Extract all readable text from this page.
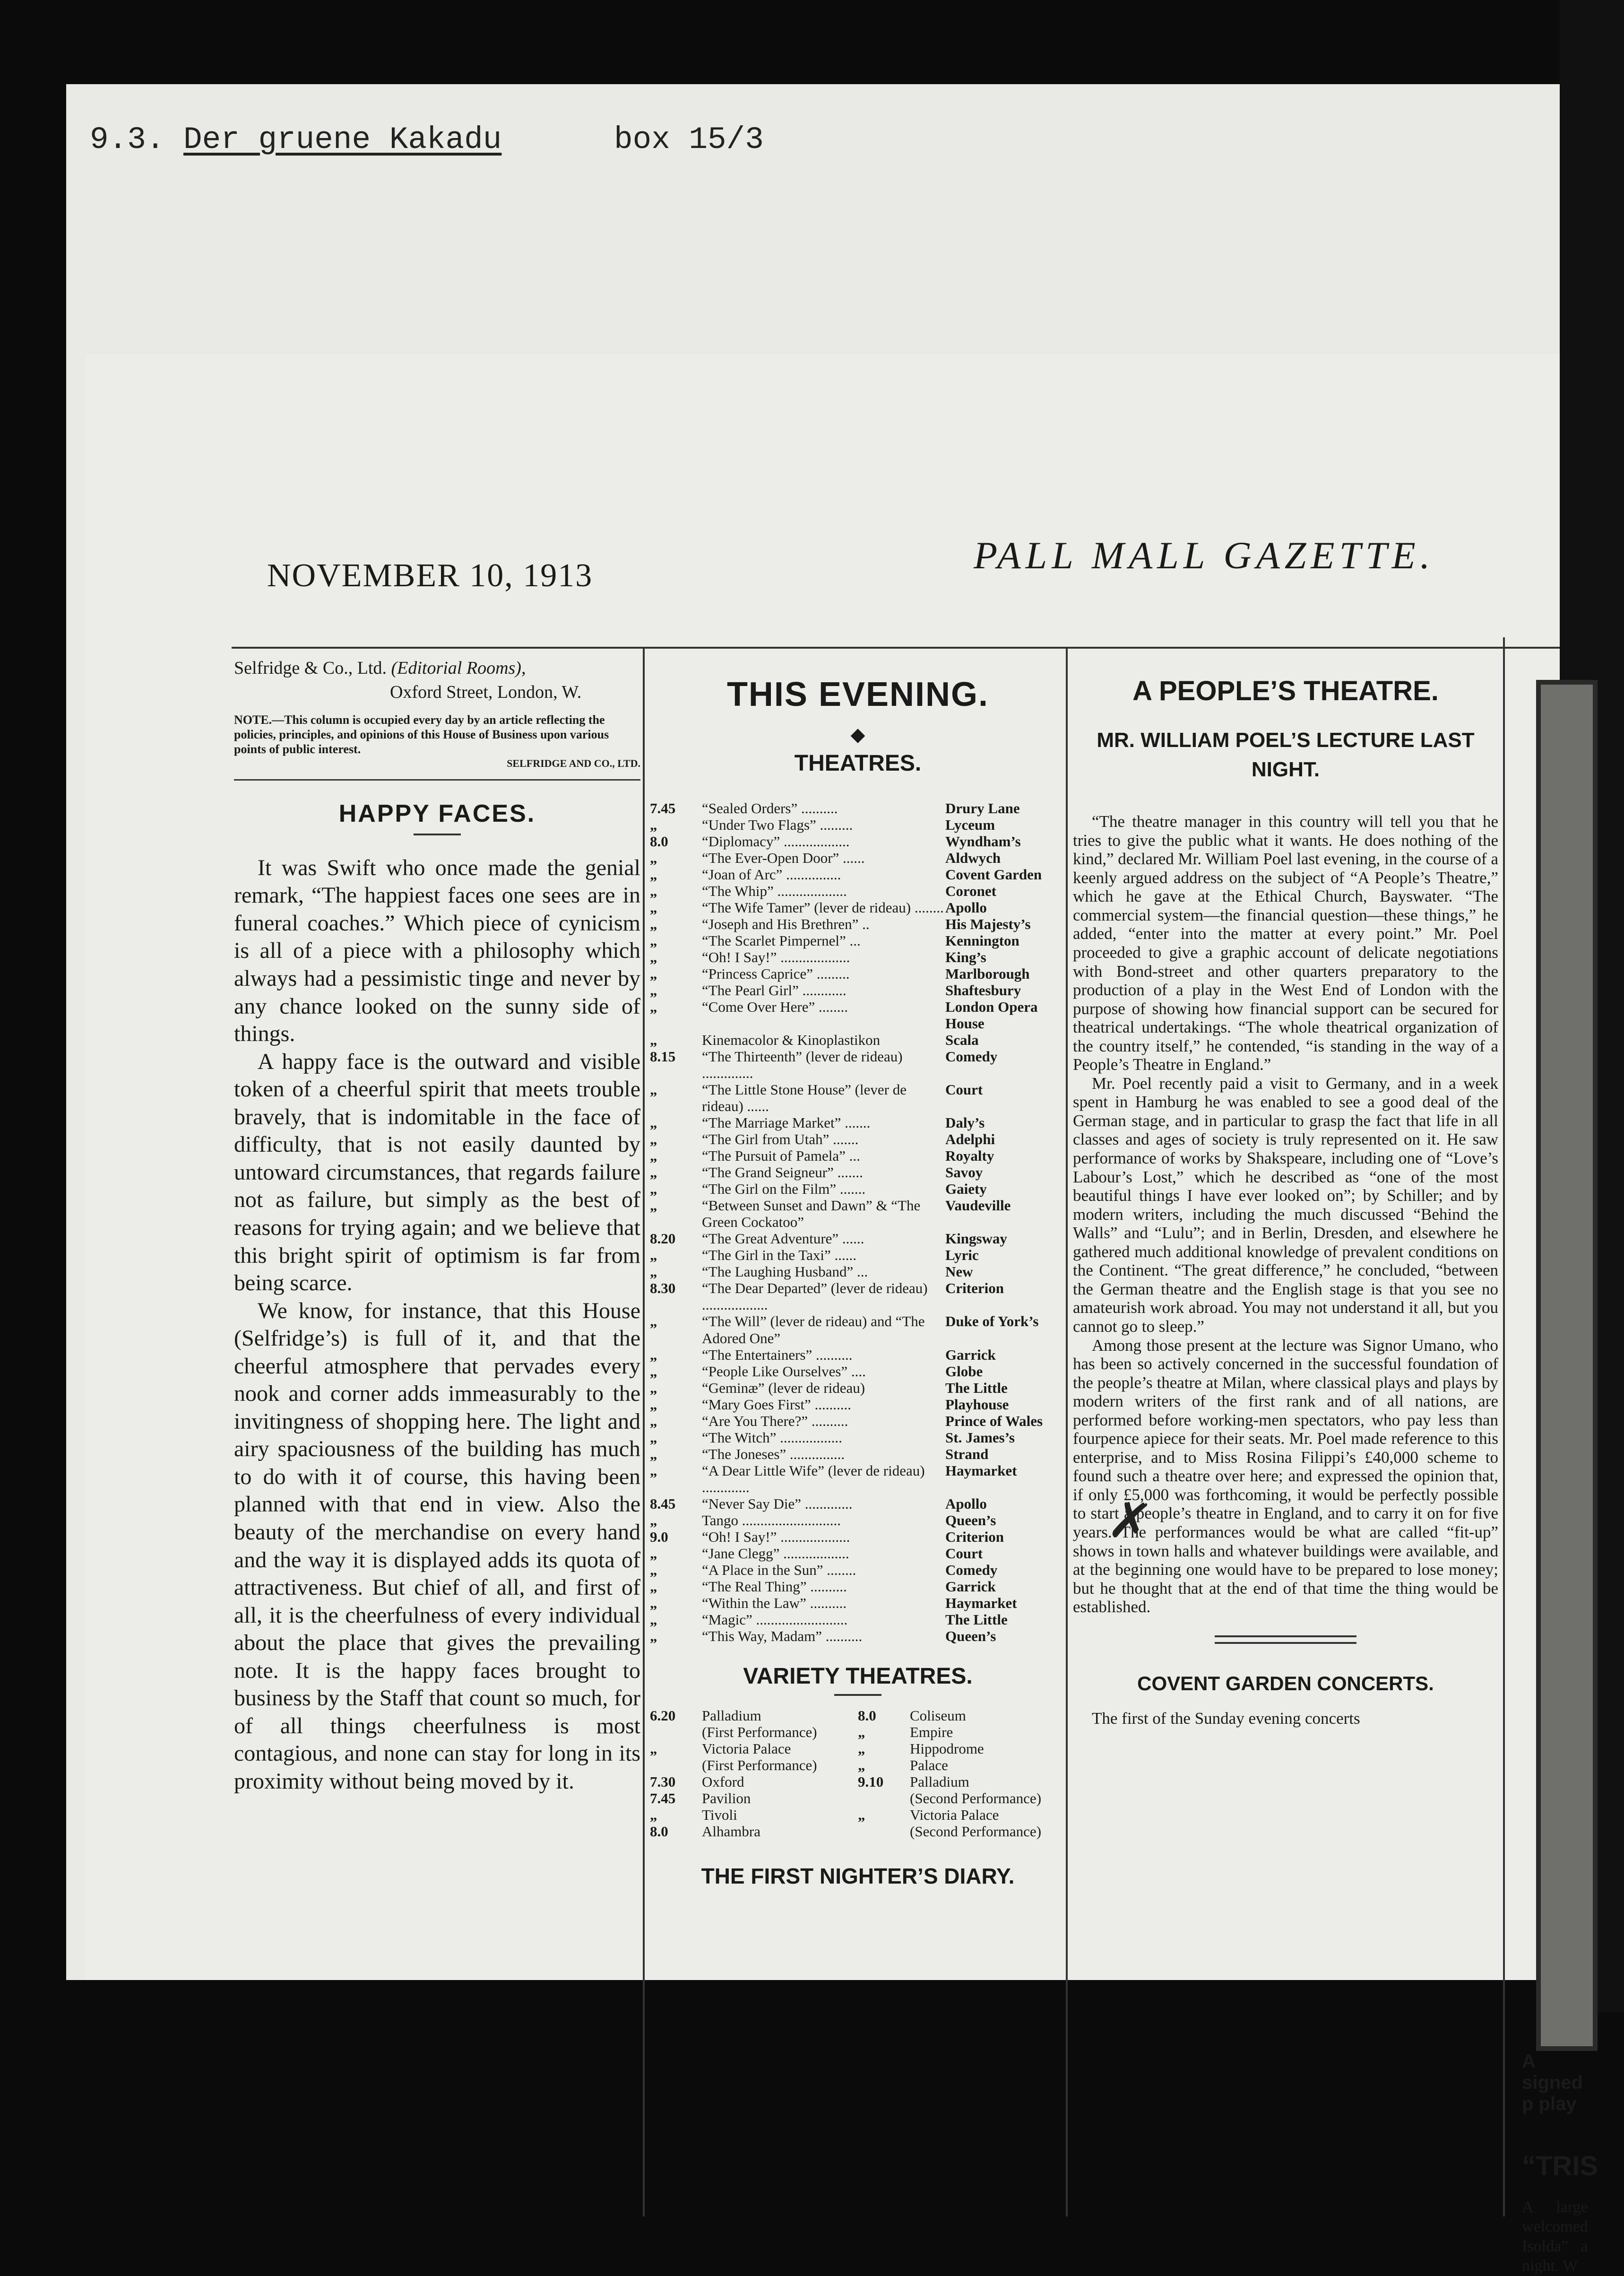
9.3. Der gruene Kakadu	box 15/3
NOVEMBER 10, 1913	PALL MALL GAZETTE.
Selfridge & Co., Ltd. (Editorial Rooms),
Oxford Street, London, W.
NOTE.—This column is occupied every day by an article reflecting the policies, principles, and opinions of this House of Business upon various points of public interest.
SELFRIDGE AND CO., LTD.
HAPPY FACES.

It was Swift who once made the genial remark, “The happiest faces one sees are in funeral coaches.” Which piece of cynicism is all of a piece with a philosophy which always had a pessimistic tinge and never by any chance looked on the sunny side of things.

A happy face is the outward and visible token of a cheerful spirit that meets trouble bravely, that is indomitable in the face of difficulty, that is not easily daunted by untoward circumstances, that regards failure not as failure, but simply as the best of reasons for trying again; and we believe that this bright spirit of optimism is far from being scarce.

We know, for instance, that this House (Selfridge’s) is full of it, and that the cheerful atmosphere that pervades every nook and corner adds immeasurably to the invitingness of shopping here. The light and airy spaciousness of the building has much to do with it of course, this having been planned with that end in view. Also the beauty of the merchandise on every hand and the way it is displayed adds its quota of attractiveness. But chief of all, and first of all, it is the cheerfulness of every individual about the place that gives the prevailing note. It is the happy faces brought to business by the Staff that count so much, for of all things cheerfulness is most contagious, and none can stay for long in its proximity without being moved by it.

THIS EVENING.
◆
THEATRES.
7.45	“Sealed Orders” ..........	Drury Lane
„	“Under Two Flags” .........	Lyceum
8.0	“Diplomacy” ..................	Wyndham’s
„	“The Ever-Open Door” ......	Aldwych
„	“Joan of Arc” ...............	Covent Garden
„	“The Whip” ...................	Coronet
„	“The Wife Tamer” (lever de rideau) ........ Apollo
„	“Joseph and His Brethren” ..	His Majesty’s
„	“The Scarlet Pimpernel” ...	Kennington
„	“Oh! I Say!” ...................	King’s
„	“Princess Caprice” .........	Marlborough
„	“The Pearl Girl” ............	Shaftesbury
„	“Come Over Here” ........	London Opera House
„	Kinemacolor & Kinoplastikon	Scala
8.15	“The Thirteenth” (lever de rideau) ..............
Comedy
„	“The Little Stone House” (lever de rideau) ......
Court
„	“The Marriage Market” .......	Daly’s
„	“The Girl from Utah” .......	Adelphi
„	“The Pursuit of Pamela” ...	Royalty
„	“The Grand Seigneur” .......	Savoy
„	“The Girl on the Film” .......	Gaiety
„	“Between Sunset and Dawn” & “The Green Cockatoo”
Vaudeville
8.20	“The Great Adventure” ......	Kingsway
„	“The Girl in the Taxi” ......	Lyric
„	“The Laughing Husband” ...	New
8.30	“The Dear Departed” (lever de rideau) ..................
Criterion
„	“The Will” (lever de rideau) and “The Adored One”
Duke of York’s
„	“The Entertainers” ..........	Garrick
„	“People Like Ourselves” ....	Globe
„	“Geminæ” (lever de rideau)	The Little
„	“Mary Goes First” ..........	Playhouse
„	“Are You There?” ..........	Prince of Wales
„	“The Witch” .................	St. James’s
„	“The Joneses” ...............	Strand
„	“A Dear Little Wife” (lever de rideau) .............
Haymarket
8.45	“Never Say Die” .............	Apollo
„	Tango ...........................	Queen’s
9.0	“Oh! I Say!” ...................	Criterion
„	“Jane Clegg” ..................	Court
„	“A Place in the Sun” ........	Comedy
„	“The Real Thing” ..........	Garrick
„	“Within the Law” ..........	Haymarket
„	“Magic” .........................	The Little
„	“This Way, Madam” ..........	Queen’s
VARIETY THEATRES.
6.20	Palladium
(First Performance)
„	Victoria Palace
(First Performance)
7.30	Oxford
7.45	Pavilion
„	Tivoli
8.0	Alhambra
8.0	Coliseum
„	Empire
„	Hippodrome
„	Palace
9.10	Palladium
(Second Performance)
„	Victoria Palace
(Second Performance)
THE FIRST NIGHTER’S DIARY.
A PEOPLE’S THEATRE.
MR. WILLIAM POEL’S LECTURE LAST NIGHT.

“The theatre manager in this country will tell you that he tries to give the public what it wants. He does nothing of the kind,” declared Mr. William Poel last evening, in the course of a keenly argued address on the subject of “A People’s Theatre,” which he gave at the Ethical Church, Bayswater. “The commercial system—the financial question—these things,” he added, “enter into the matter at every point.” Mr. Poel proceeded to give a graphic account of delicate negotiations with Bond-street and other quarters preparatory to the production of a play in the West End of London with the purpose of showing how financial support can be secured for theatrical undertakings. “The whole theatrical organization of the country itself,” he contended, “is standing in the way of a People’s Theatre in England.”

Mr. Poel recently paid a visit to Germany, and in a week spent in Hamburg he was enabled to see a good deal of the German stage, and in particular to grasp the fact that life in all classes and ages of society is truly represented on it. He saw performance of works by Shakspeare, including one of “Love’s Labour’s Lost,” which he described as “one of the most beautiful things I have ever looked on”; by Schiller; and by modern writers, including the much discussed “Behind the Walls” and “Lulu”; and in Berlin, Dresden, and elsewhere he gathered much additional knowledge of prevalent conditions on the Continent. “The great difference,” he concluded, “between the German theatre and the English stage is that you see no amateurish work abroad. You may not understand it all, but you cannot go to sleep.”

Among those present at the lecture was Signor Umano, who has been so actively concerned in the successful foundation of the people’s theatre at Milan, where classical plays and plays by modern writers of the first rank and of all nations, are performed before working-men spectators, who pay less than fourpence apiece for their seats. Mr. Poel made reference to this enterprise, and to Miss Rosina Filippi’s £40,000 scheme to found such a theatre over here; and expressed the opinion that, if only £5,000 was forthcoming, it would be perfectly possible to start a people’s theatre in England, and to carry it on for five years. The performances would be what are called “fit-up” shows in town halls and whatever buildings were available, and at the beginning one would have to be prepared to lose money; but he thought that at the end of that time the thing would be established.

COVENT GARDEN CONCERTS.

The first of the Sunday evening concerts

A signed p play
“TRIS
A large welcomed Isolda” a night. W
✗
